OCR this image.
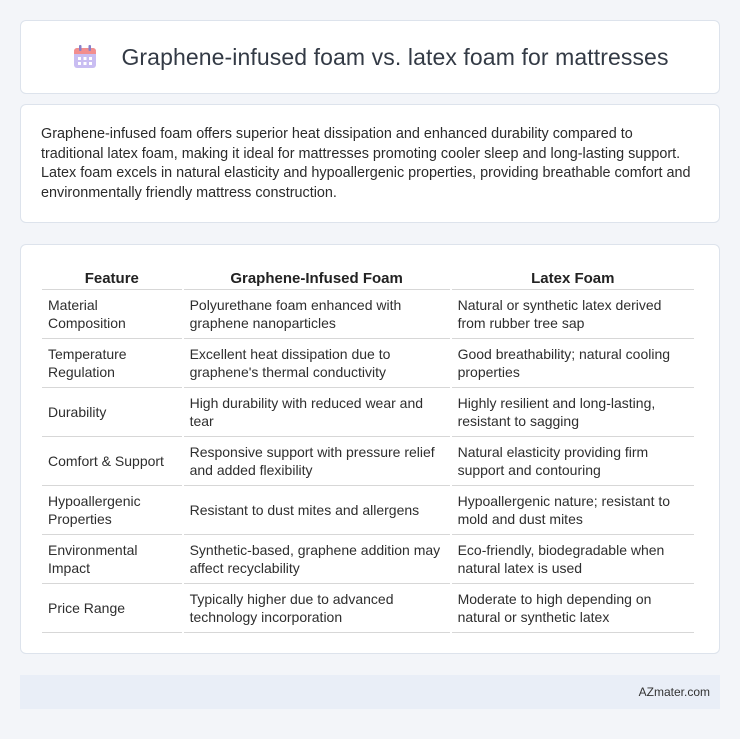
Graphene-infused foam vs. latex foam for mattresses

Graphene-infused foam offers superior heat dissipation and enhanced durability compared to traditional latex foam, making it ideal for mattresses promoting cooler sleep and long-lasting support. Latex foam excels in natural elasticity and hypoallergenic properties, providing breathable comfort and environmentally friendly mattress construction.

Feature	Graphene-Infused Foam	Latex Foam
Material Composition	Polyurethane foam enhanced with graphene nanoparticles	Natural or synthetic latex derived from rubber tree sap
Temperature Regulation	Excellent heat dissipation due to graphene's thermal conductivity	Good breathability; natural cooling properties
Durability	High durability with reduced wear and tear	Highly resilient and long-lasting, resistant to sagging
Comfort & Support	Responsive support with pressure relief and added flexibility	Natural elasticity providing firm support and contouring
Hypoallergenic Properties	Resistant to dust mites and allergens	Hypoallergenic nature; resistant to mold and dust mites
Environmental Impact	Synthetic-based, graphene addition may affect recyclability	Eco-friendly, biodegradable when natural latex is used
Price Range	Typically higher due to advanced technology incorporation	Moderate to high depending on natural or synthetic latex
AZmater.com
